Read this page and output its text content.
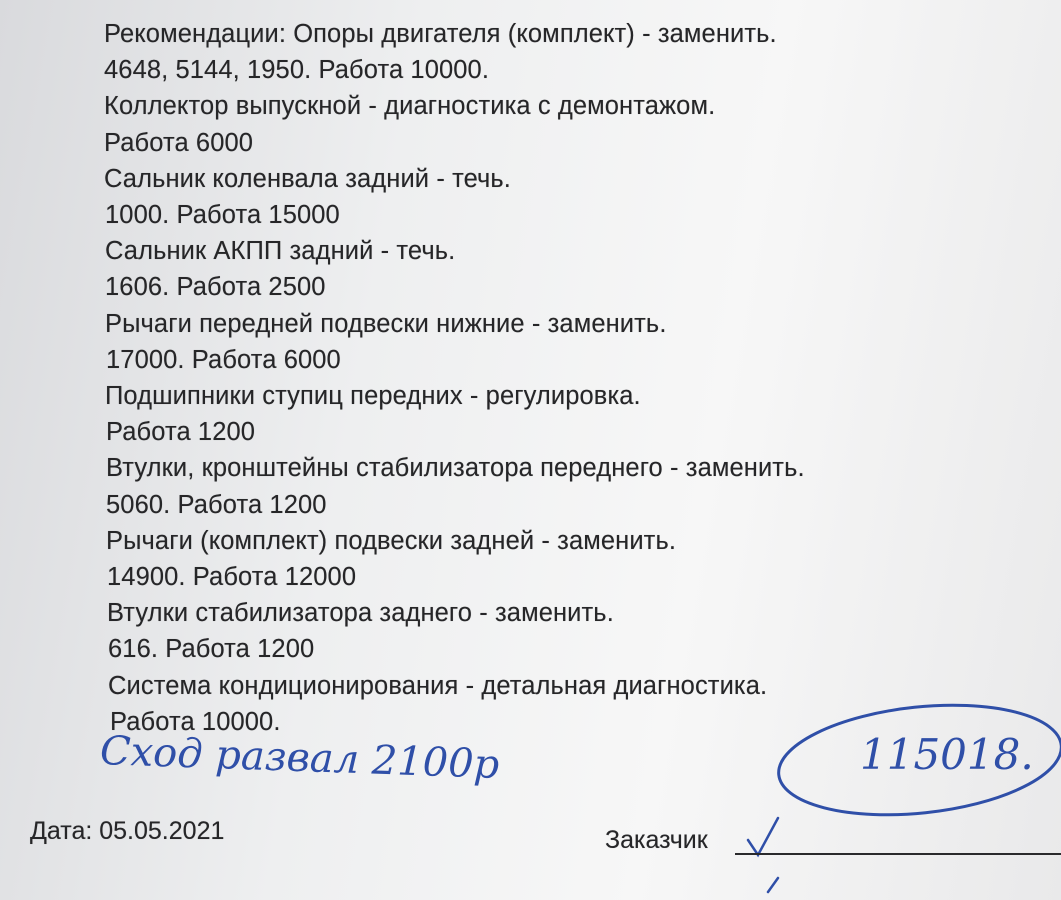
Рекомендации: Опоры двигателя (комплект) - заменить.
4648, 5144, 1950. Работа 10000.
Коллектор выпускной - диагностика с демонтажом.
Работа 6000
Сальник коленвала задний - течь.
1000. Работа 15000
Сальник АКПП задний - течь.
1606. Работа 2500
Рычаги передней подвески нижние - заменить.
17000. Работа 6000
Подшипники ступиц передних - регулировка.
Работа 1200
Втулки, кронштейны стабилизатора переднего - заменить.
5060. Работа 1200
Рычаги (комплект) подвески задней - заменить.
14900. Работа 12000
Втулки стабилизатора заднего - заменить.
616. Работа 1200
Система кондиционирования - детальная диагностика.
Работа 10000.
Сход развал 2100р	115018.
Дата: 05.05.2021	Заказчик
